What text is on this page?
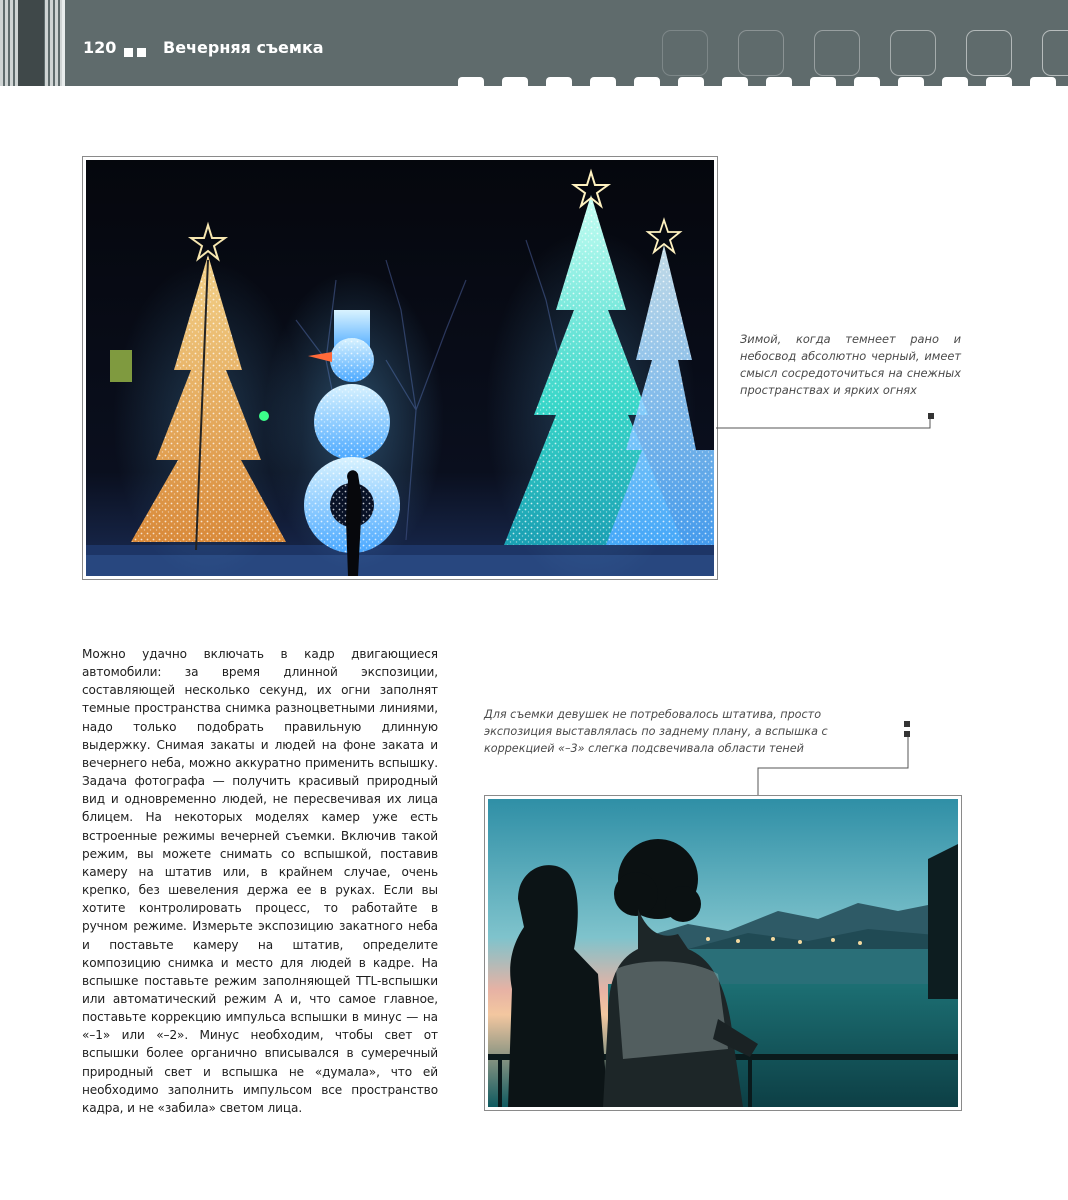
120	Вечерняя съемка
Зимой, когда темнеет рано и небосвод абсолютно черный, имеет смысл сосредоточиться на снежных пространствах и ярких огнях
Можно удачно включать в кадр двигающиеся автомобили: за время длинной экспозиции, составляющей несколько секунд, их огни заполнят темные пространства снимка разноцветными линиями, надо только подобрать правильную длинную выдержку. Снимая закаты и людей на фоне заката и вечернего неба, можно аккуратно применить вспышку. Задача фотографа — получить красивый природный вид и одновременно людей, не пересвечивая их лица блицем. На некоторых моделях камер уже есть встроенные режимы вечерней съемки. Включив такой режим, вы можете снимать со вспышкой, поставив камеру на штатив или, в крайнем случае, очень крепко, без шевеления держа ее в руках. Если вы хотите контролировать процесс, то работайте в ручном режиме. Измерьте экспозицию закатного неба и поставьте камеру на штатив, определите композицию снимка и место для людей в кадре. На вспышке поставьте режим заполняющей TTL-вспышки или автоматический режим A и, что самое главное, поставьте коррекцию импульса вспышки в минус — на «–1» или «–2». Минус необходим, чтобы свет от вспышки более органично вписывался в сумеречный природный свет и вспышка не «думала», что ей необходимо заполнить импульсом все пространство кадра, и не «забила» светом лица.
Для съемки девушек не потребовалось штатива, просто экспозиция выставлялась по заднему плану, а вспышка с коррекцией «–3» слегка подсвечивала области теней
